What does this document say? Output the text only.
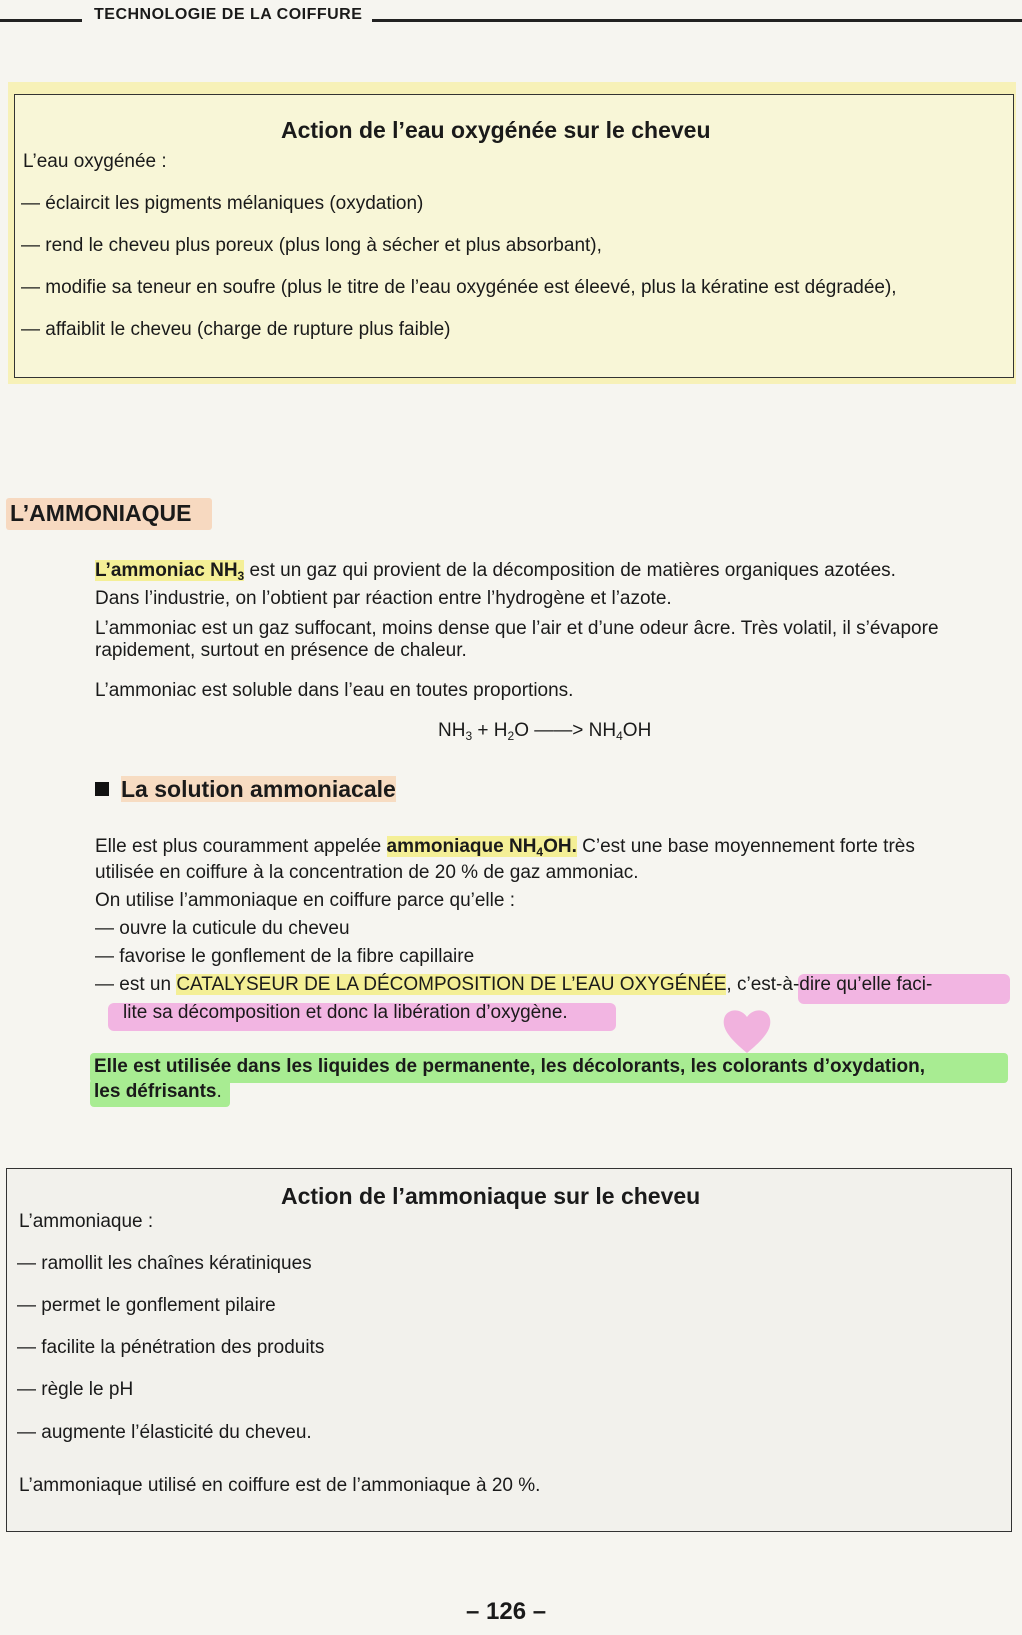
TECHNOLOGIE DE LA COIFFURE
Action de l’eau oxygénée sur le cheveu
L’eau oxygénée :
— éclaircit les pigments mélaniques (oxydation)
— rend le cheveu plus poreux (plus long à sécher et plus absorbant),
— modifie sa teneur en soufre (plus le titre de l’eau oxygénée est éleevé, plus la kératine est dégradée),
— affaiblit le cheveu (charge de rupture plus faible)
L’AMMONIAQUE
L’ammoniac $NH_3$ est un gaz qui provient de la décomposition de matières organiques azotées.
Dans l’industrie, on l’obtient par réaction entre l’hydrogène et l’azote.
L’ammoniac est un gaz suffocant, moins dense que l’air et d’une odeur âcre. Très volatil, il s’évapore
rapidement, surtout en présence de chaleur.
L’ammoniac est soluble dans l’eau en toutes proportions.
$NH_3 + H_2O$ ——> $NH_4OH$
La solution ammoniacale
Elle est plus couramment appelée ammoniaque $NH_4OH$. C’est une base moyennement forte très
utilisée en coiffure à la concentration de 20 % de gaz ammoniac.
On utilise l’ammoniaque en coiffure parce qu’elle :
— ouvre la cuticule du cheveu
— favorise le gonflement de la fibre capillaire
— est un CATALYSEUR DE LA DÉCOMPOSITION DE L’EAU OXYGÉNÉE, c’est-à-dire qu’elle faci-
lite sa décomposition et donc la libération d’oxygène.
Elle est utilisée dans les liquides de permanente, les décolorants, les colorants d’oxydation,
les défrisants.
Action de l’ammoniaque sur le cheveu
L’ammoniaque :
— ramollit les chaînes kératiniques
— permet le gonflement pilaire
— facilite la pénétration des produits
— règle le pH
— augmente l’élasticité du cheveu.
L’ammoniaque utilisé en coiffure est de l’ammoniaque à 20 %.
– 126 –
